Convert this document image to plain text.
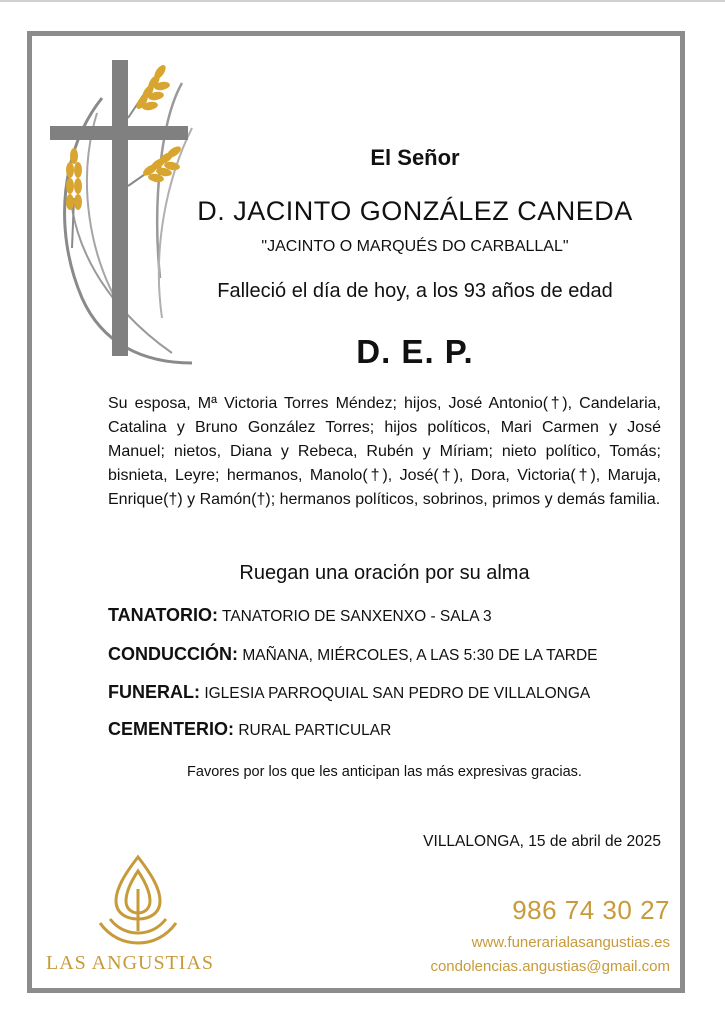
El Señor
D. JACINTO GONZÁLEZ CANEDA
"JACINTO O MARQUÉS DO CARBALLAL"
Falleció el día de hoy, a los 93 años de edad
D. E. P.
Su esposa, Mª Victoria Torres Méndez; hijos, José Antonio(†), Candelaria, Catalina y Bruno González Torres; hijos políticos, Mari Carmen y José Manuel; nietos, Diana y Rebeca, Rubén y Míriam; nieto político, Tomás; bisnieta, Leyre; hermanos, Manolo(†), José(†), Dora, Victoria(†), Maruja, Enrique(†) y Ramón(†); hermanos políticos, sobrinos, primos y demás familia.
Ruegan una oración por su alma
TANATORIO: TANATORIO DE SANXENXO - SALA 3
CONDUCCIÓN: MAÑANA, MIÉRCOLES, A LAS 5:30 DE LA TARDE
FUNERAL: IGLESIA PARROQUIAL SAN PEDRO DE VILLALONGA
CEMENTERIO: RURAL PARTICULAR
Favores por los que les anticipan las más expresivas gracias.
VILLALONGA, 15 de abril de 2025
LAS ANGUSTIAS
986 74 30 27
www.funerarialasangustias.es
condolencias.angustias@gmail.com
